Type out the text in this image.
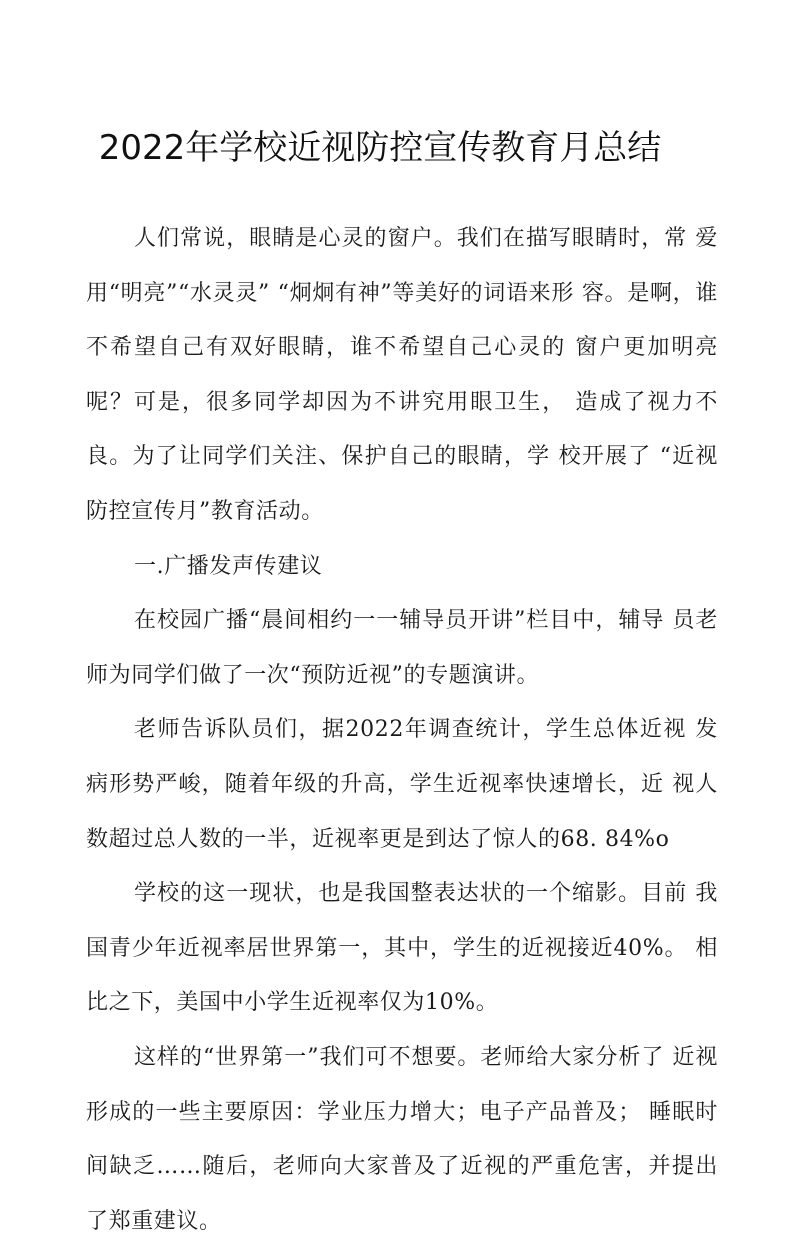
2022年学校近视防控宣传教育月总结

人们常说，眼睛是心灵的窗户。我们在描写眼睛时，常 爱用“明亮”“水灵灵” “炯炯有神”等美好的词语来形 容。是啊，谁不希望自己有双好眼睛，谁不希望自己心灵的 窗户更加明亮呢？可是，很多同学却因为不讲究用眼卫生， 造成了视力不良。为了让同学们关注、保护自己的眼睛，学 校开展了 “近视防控宣传月”教育活动。

一.广播发声传建议

在校园广播“晨间相约一一辅导员开讲”栏目中，辅导 员老师为同学们做了一次“预防近视”的专题演讲。

老师告诉队员们，据2022年调查统计，学生总体近视 发病形势严峻，随着年级的升高，学生近视率快速增长，近 视人数超过总人数的一半，近视率更是到达了惊人的68. 84%o

学校的这一现状，也是我国整表达状的一个缩影。目前 我国青少年近视率居世界第一，其中，学生的近视接近40%。 相比之下，美国中小学生近视率仅为10%。

这样的“世界第一”我们可不想要。老师给大家分析了 近视形成的一些主要原因：学业压力增大；电子产品普及； 睡眠时间缺乏……随后，老师向大家普及了近视的严重危害，并提出了郑重建议。
